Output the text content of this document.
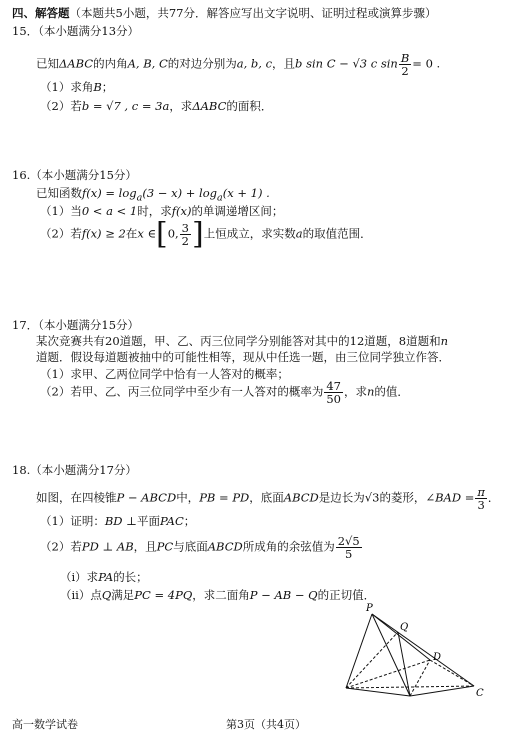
四、解答题（本题共5小题，共77分．解答应写出文字说明、证明过程或演算步骤）
15．（本小题满分13分）
已知ΔABC的内角A, B, C的对边分别为a, b, c，且b sin C − √3 c $\sin \frac{B}{2} = 0$ .
（1）求角B；
（2）若b = √7 , c = 3a，求ΔABC的面积．
16.（本小题满分15分）
已知函数$f(x) = \log_a(3 - x) + \log_a(x + 1)$ .
（1）当0 < a < 1时，求f(x)的单调递增区间；
（2）若f(x) ≥ 2在x ∈[0, $\frac{3}{2}$ ]上恒成立，求实数a的取值范围．
17．（本小题满分15分）
某次竞赛共有20道题，甲、乙、丙三位同学分别能答对其中的12道题，8道题和n
道题．假设每道题被抽中的可能性相等，现从中任选一题，由三位同学独立作答．
（1）求甲、乙两位同学中恰有一人答对的概率；
（2）若甲、乙、丙三位同学中至少有一人答对的概率为 $\frac{47}{50}$ ，求n的值．
18.（本小题满分17分）
如图，在四棱锥P − ABCD中，PB = PD，底面ABCD是边长为√3的菱形，∠BAD = $\frac{\pi}{3}$ ．
（1）证明：BD ⊥平面PAC；
（2）若PD ⊥ AB，且PC与底面ABCD所成角的余弦值为 $\frac{2√5}{5}$
（ⅰ）求PA的长；
（ⅱ）点Q满足PC = 4PQ，求二面角P − AB − Q的正切值．
P
Q
D
C
高一数学试卷	第3页（共4页）
